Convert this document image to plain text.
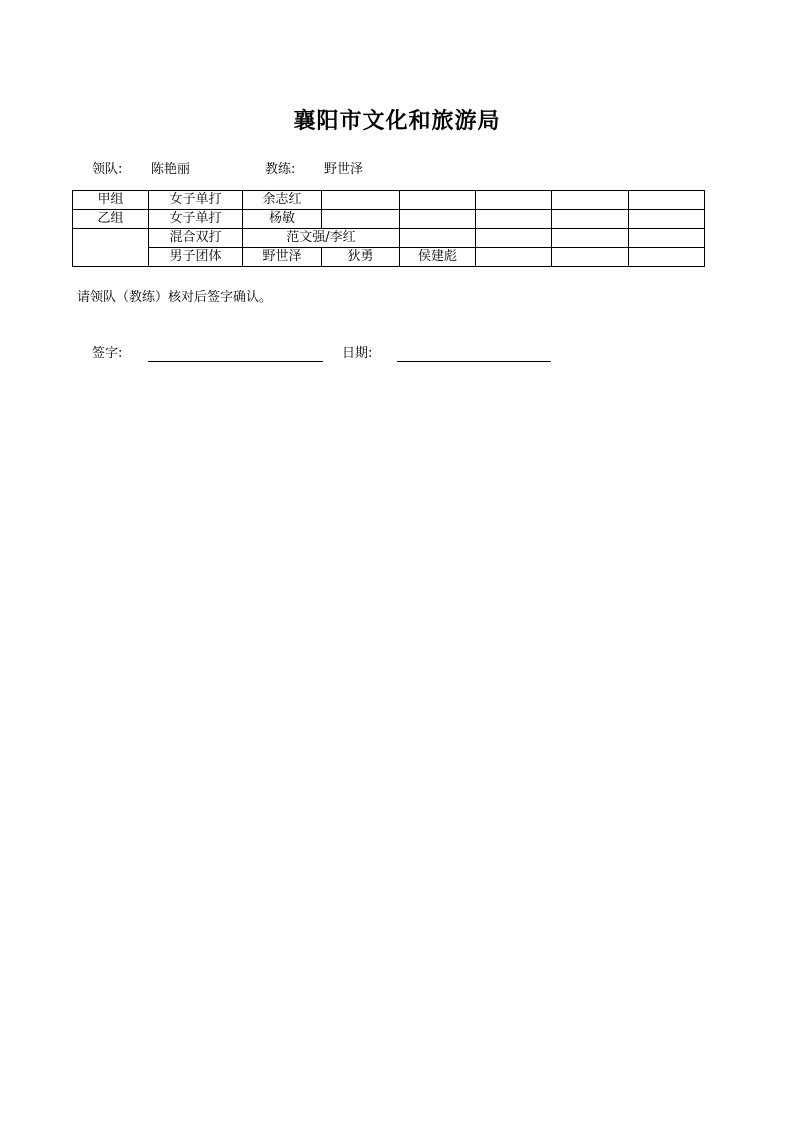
襄阳市文化和旅游局
领队: 陈艳丽	教练: 野世泽
甲组	女子单打	余志红					
乙组	女子单打	杨敏					
	混合双打	范文强/李红					
	男子团体	野世泽	狄勇	侯建彪			
请领队（教练）核对后签字确认。
签字:	日期:
